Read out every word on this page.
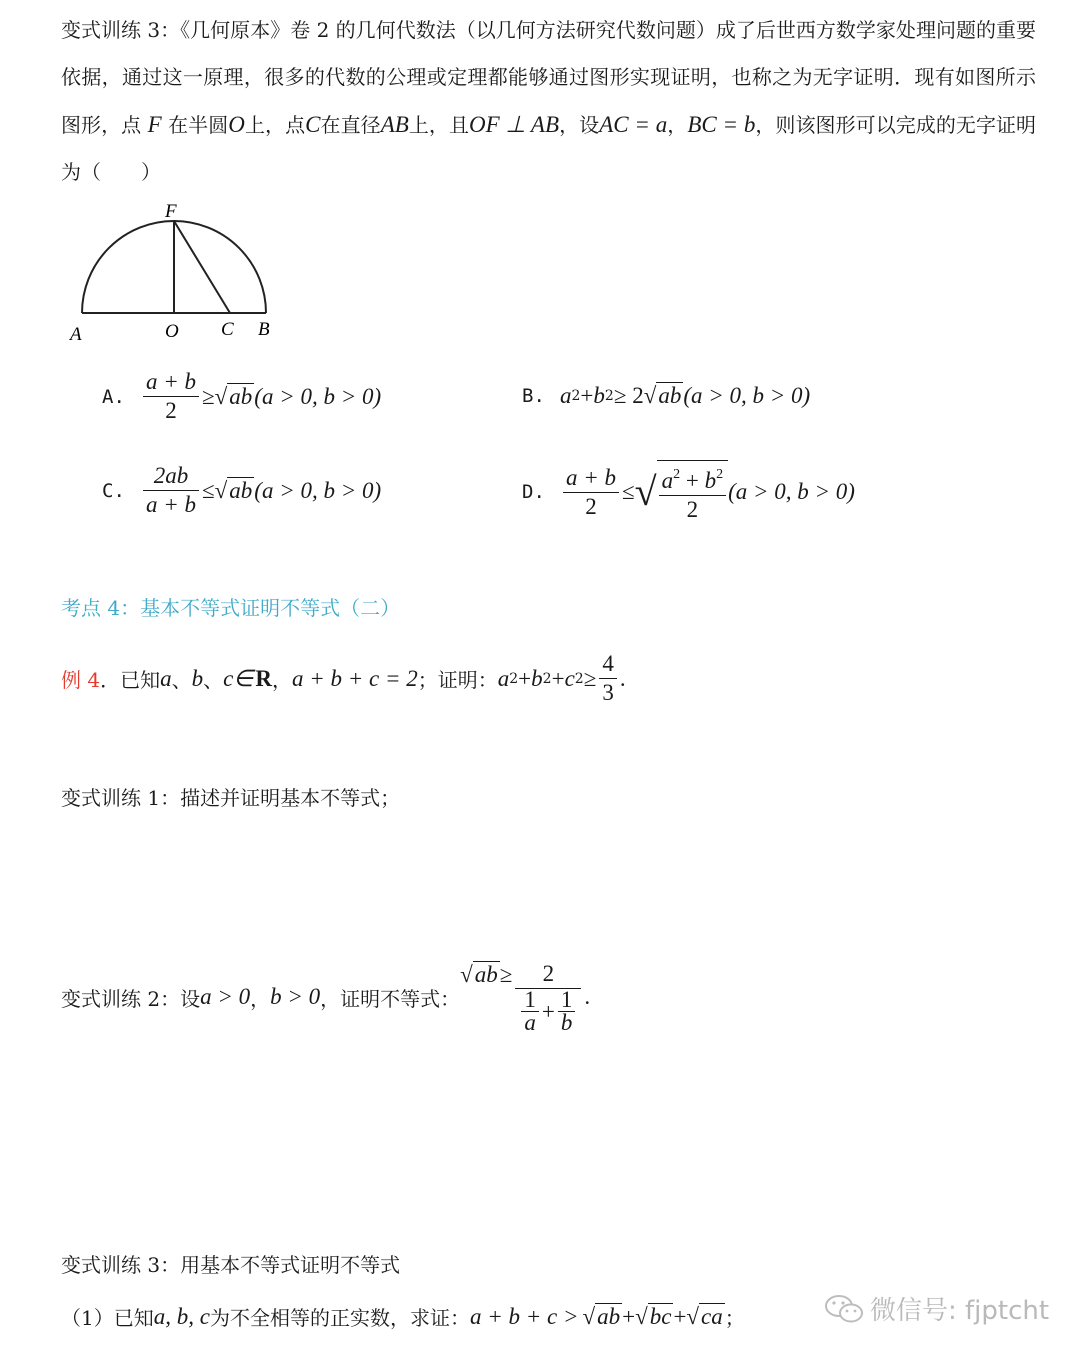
变式训练 3：《几何原本》卷 2 的几何代数法（以几何方法研究代数问题）成了后世西方数学家处理问题的重要依据，通过这一原理，很多的代数的公理或定理都能够通过图形实现证明，也称之为无字证明．现有如图所示图形，点 F 在半圆O上，点C在直径AB上，且OF ⊥ AB，设AC = a，BC = b，则该图形可以完成的无字证明为（　　）
F
A	O C B
A. $\frac{a + b}{2} \ge √ab$ (a > 0, b > 0)	B. a 2 + b 2 ≥ 2 √ab (a > 0, b > 0)
C. $\frac{2ab}{a + b} \le √ab$ (a > 0, b > 0)	D. $\frac{a + b}{2}$ ≤ √ $\frac{a^2 + b^2}{2} (a > 0$, b > 0)
考点 4：基本不等式证明不等式（二）
例 4 ．已知 a 、 b 、 c∈
  R ， a + b + c = 2 ；证明： a 2 + b 2 + c $2 \ge \frac{4}{3}$ .
变式训练 1：描述并证明基本不等式；
变式训练 2：设 a > 0 ， b > 0 ，证明不等式：
$√ab \ge \frac{2}{\frac{1}{a} + \frac{1}{b}}$ .
变式训练 3：用基本不等式证明不等式
（1）已知 a, b, c 为不全相等的正实数，求证： a + b + c >
  √ab + √bc + √ca ；	微信号: fjptcht
